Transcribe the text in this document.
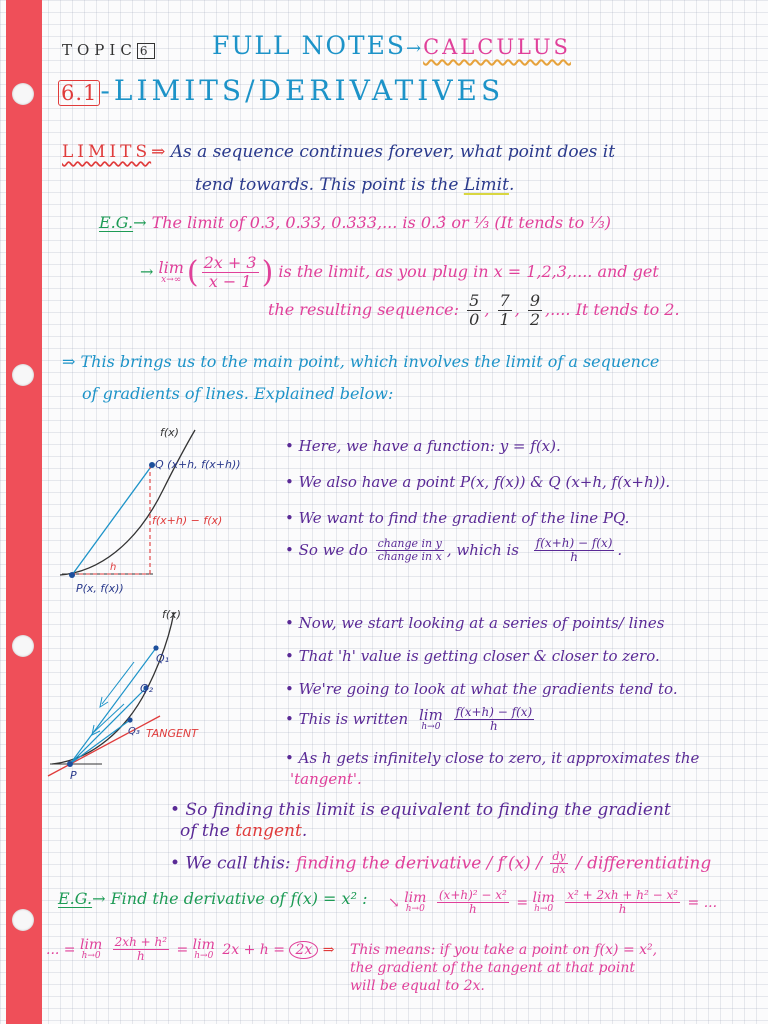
TOPIC 6 FULL NOTES→CALCULUS
6.1 -LIMITS/DERIVATIVES
LIMITS⇒ As a sequence continues forever, what point does it
tend towards. This point is the Limit.
E.G.→ The limit of 0.3, 0.33, 0.333,... is 0.3̇ or ⅓ (It tends to ⅓)
→ lim
x→∞ ( $\frac{2x + 3}{x - 1}$ ) is the limit, as you plug in x = 1,2,3,.... and get
the resulting sequence: $\frac{5}{0}$ , $\frac{7}{1}$ , $\frac{9}{2}$ ,.... It tends to 2.
⇒ This brings us to the main point, which involves the limit of a sequence
of gradients of lines. Explained below:
f(x)
Q (x+h, f(x+h))
P(x, f(x))
h
f(x+h) − f(x)
• Here, we have a function: y = f(x).
• We also have a point P(x, f(x)) & Q (x+h, f(x+h)).
• We want to find the gradient of the line PQ.
• So we do $\frac{\text{change in y}}{\text{change in x}}$ , which is $\frac{f(x+h) - f(x)}{h}$ .
f(x)
Q₁
Q₂
Q₃
P
TANGENT
• Now, we start looking at a series of points/ lines
• That 'h' value is getting closer & closer to zero.
• We're going to look at what the gradients tend to.
• This is written lim
h→0
$\frac{f(x+h) - f(x)}{h}$
• As h gets infinitely close to zero, it approximates the
'tangent'.
• So finding this limit is equivalent to finding the gradient
of the tangent.
• We call this: finding the derivative / $f'(x) / \frac{dy}{dx}$ / differentiating
E.G.→ Find the derivative of f(x) = x² : ↘ lim
h→0
$\frac{\text{(x+h)² − x²}}{h} = \lim$
h→0
$\frac{\text{x² + 2xh + h² − x²}}{h}$ = ...
... = lim
h→0
$\frac{\text{2xh + h²}}{h} = \lim$
h→0 2x + h = 2x ⇒ This means: if you take a point on f(x) = x²,
the gradient of the tangent at that point
will be equal to 2x.
